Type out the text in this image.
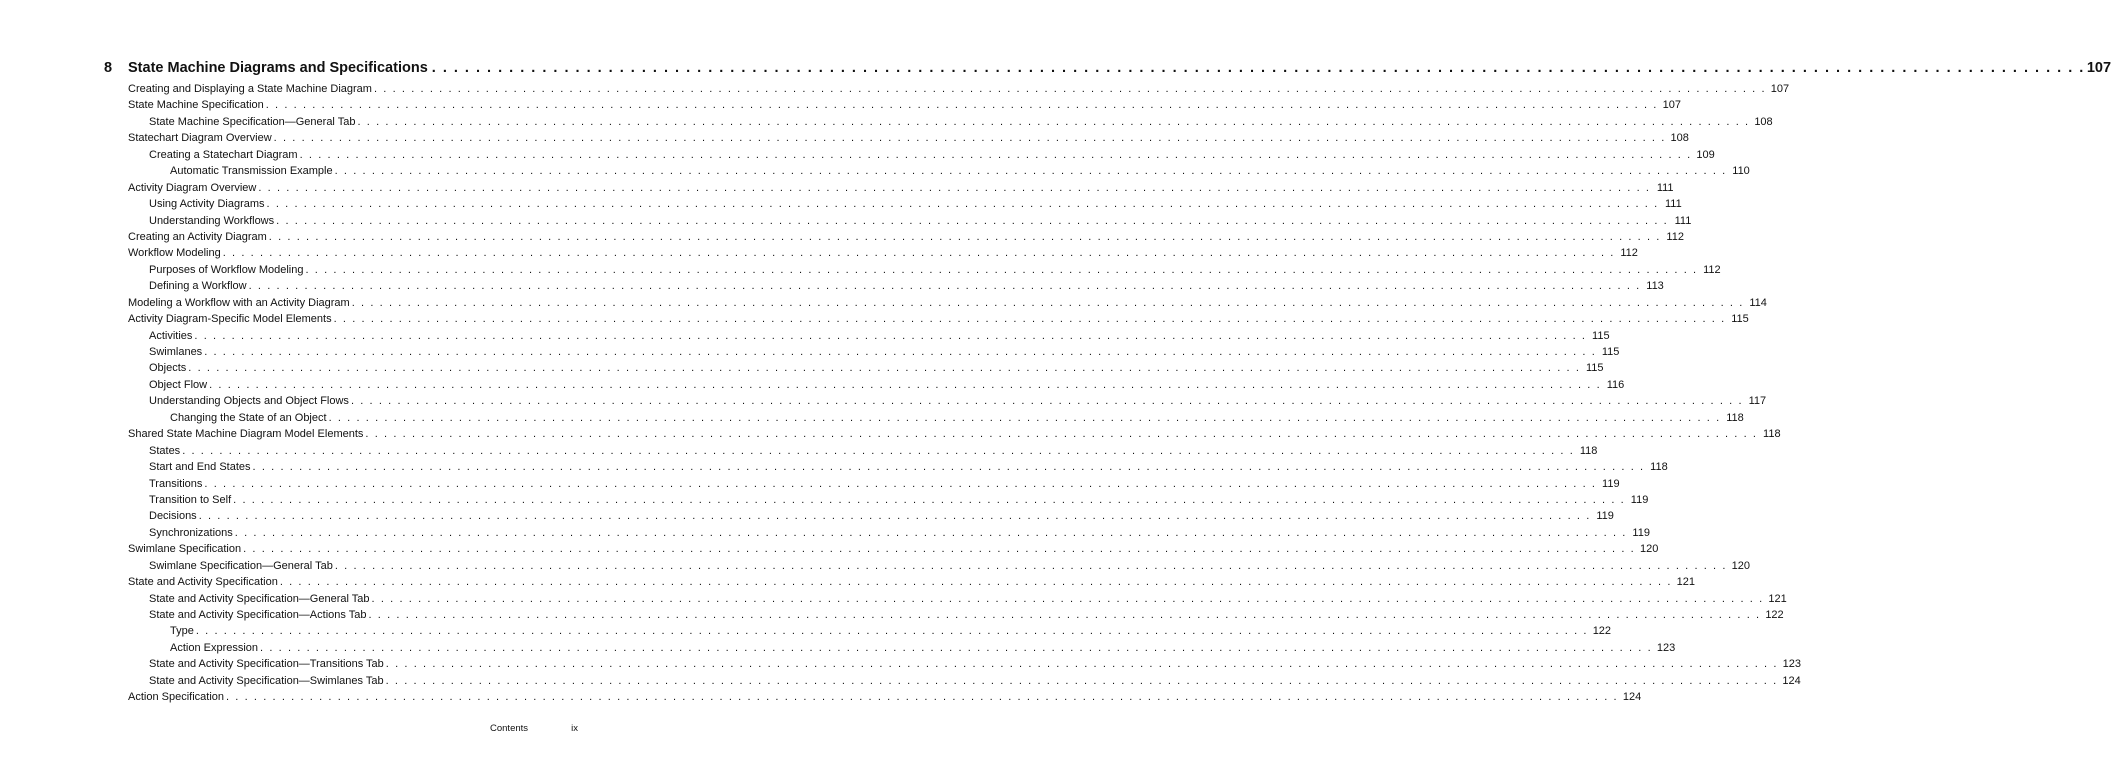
8	State Machine Diagrams and Specifications . . . . . . . . . . . . . . . . . . . . . . . . . . . . . . . . . . . . . . . . . . . . . . . . . . . . . . . . . . . . . . . . . . . . . . . . . . . . . . . . . . . . . . . . . . . . . . . . . . . . . . . . . . . . . . . . . . . . . . . . . . . . . . . . . . . . . . . . . . . . . . . . . . . . . . 107
Creating and Displaying a State Machine Diagram . . . . . . . . . . . . . . . . . . . . . . . . . . . . . . . . . . . . . . . . . . . . . . . . . . . . . . . . . . . . . . . . . . . . . . . . . . . . . . . . . . . . . . . . . . . . . . . . . . . . . . . . . . . . . . . . . . . . . . . . . . . . . . . . . . . . . . . . . . . . . . . . . . . . . . 107
State Machine Specification . . . . . . . . . . . . . . . . . . . . . . . . . . . . . . . . . . . . . . . . . . . . . . . . . . . . . . . . . . . . . . . . . . . . . . . . . . . . . . . . . . . . . . . . . . . . . . . . . . . . . . . . . . . . . . . . . . . . . . . . . . . . . . . . . . . . . . . . . . . . . . . . . . . . . . 107
State Machine Specification—General Tab . . . . . . . . . . . . . . . . . . . . . . . . . . . . . . . . . . . . . . . . . . . . . . . . . . . . . . . . . . . . . . . . . . . . . . . . . . . . . . . . . . . . . . . . . . . . . . . . . . . . . . . . . . . . . . . . . . . . . . . . . . . . . . . . . . . . . . . . . . . . . . . . . . . . . . 108
Statechart Diagram Overview . . . . . . . . . . . . . . . . . . . . . . . . . . . . . . . . . . . . . . . . . . . . . . . . . . . . . . . . . . . . . . . . . . . . . . . . . . . . . . . . . . . . . . . . . . . . . . . . . . . . . . . . . . . . . . . . . . . . . . . . . . . . . . . . . . . . . . . . . . . . . . . . . . . . . . 108
Creating a Statechart Diagram . . . . . . . . . . . . . . . . . . . . . . . . . . . . . . . . . . . . . . . . . . . . . . . . . . . . . . . . . . . . . . . . . . . . . . . . . . . . . . . . . . . . . . . . . . . . . . . . . . . . . . . . . . . . . . . . . . . . . . . . . . . . . . . . . . . . . . . . . . . . . . . . . . . . . . 109
Automatic Transmission Example . . . . . . . . . . . . . . . . . . . . . . . . . . . . . . . . . . . . . . . . . . . . . . . . . . . . . . . . . . . . . . . . . . . . . . . . . . . . . . . . . . . . . . . . . . . . . . . . . . . . . . . . . . . . . . . . . . . . . . . . . . . . . . . . . . . . . . . . . . . . . . . . . . . . . . 110
Activity Diagram Overview . . . . . . . . . . . . . . . . . . . . . . . . . . . . . . . . . . . . . . . . . . . . . . . . . . . . . . . . . . . . . . . . . . . . . . . . . . . . . . . . . . . . . . . . . . . . . . . . . . . . . . . . . . . . . . . . . . . . . . . . . . . . . . . . . . . . . . . . . . . . . . . . . . . . . . 111
Using Activity Diagrams . . . . . . . . . . . . . . . . . . . . . . . . . . . . . . . . . . . . . . . . . . . . . . . . . . . . . . . . . . . . . . . . . . . . . . . . . . . . . . . . . . . . . . . . . . . . . . . . . . . . . . . . . . . . . . . . . . . . . . . . . . . . . . . . . . . . . . . . . . . . . . . . . . . . . . 111
Understanding Workflows . . . . . . . . . . . . . . . . . . . . . . . . . . . . . . . . . . . . . . . . . . . . . . . . . . . . . . . . . . . . . . . . . . . . . . . . . . . . . . . . . . . . . . . . . . . . . . . . . . . . . . . . . . . . . . . . . . . . . . . . . . . . . . . . . . . . . . . . . . . . . . . . . . . . . . 111
Creating an Activity Diagram . . . . . . . . . . . . . . . . . . . . . . . . . . . . . . . . . . . . . . . . . . . . . . . . . . . . . . . . . . . . . . . . . . . . . . . . . . . . . . . . . . . . . . . . . . . . . . . . . . . . . . . . . . . . . . . . . . . . . . . . . . . . . . . . . . . . . . . . . . . . . . . . . . . . . . 112
Workflow Modeling . . . . . . . . . . . . . . . . . . . . . . . . . . . . . . . . . . . . . . . . . . . . . . . . . . . . . . . . . . . . . . . . . . . . . . . . . . . . . . . . . . . . . . . . . . . . . . . . . . . . . . . . . . . . . . . . . . . . . . . . . . . . . . . . . . . . . . . . . . . . . . . . . . . . . . 112
Purposes of Workflow Modeling . . . . . . . . . . . . . . . . . . . . . . . . . . . . . . . . . . . . . . . . . . . . . . . . . . . . . . . . . . . . . . . . . . . . . . . . . . . . . . . . . . . . . . . . . . . . . . . . . . . . . . . . . . . . . . . . . . . . . . . . . . . . . . . . . . . . . . . . . . . . . . . . . . . . . . 112
Defining a Workflow . . . . . . . . . . . . . . . . . . . . . . . . . . . . . . . . . . . . . . . . . . . . . . . . . . . . . . . . . . . . . . . . . . . . . . . . . . . . . . . . . . . . . . . . . . . . . . . . . . . . . . . . . . . . . . . . . . . . . . . . . . . . . . . . . . . . . . . . . . . . . . . . . . . . . . 113
Modeling a Workflow with an Activity Diagram . . . . . . . . . . . . . . . . . . . . . . . . . . . . . . . . . . . . . . . . . . . . . . . . . . . . . . . . . . . . . . . . . . . . . . . . . . . . . . . . . . . . . . . . . . . . . . . . . . . . . . . . . . . . . . . . . . . . . . . . . . . . . . . . . . . . . . . . . . . . . . . . . . . . . . 114
Activity Diagram-Specific Model Elements . . . . . . . . . . . . . . . . . . . . . . . . . . . . . . . . . . . . . . . . . . . . . . . . . . . . . . . . . . . . . . . . . . . . . . . . . . . . . . . . . . . . . . . . . . . . . . . . . . . . . . . . . . . . . . . . . . . . . . . . . . . . . . . . . . . . . . . . . . . . . . . . . . . . . . 115
Activities . . . . . . . . . . . . . . . . . . . . . . . . . . . . . . . . . . . . . . . . . . . . . . . . . . . . . . . . . . . . . . . . . . . . . . . . . . . . . . . . . . . . . . . . . . . . . . . . . . . . . . . . . . . . . . . . . . . . . . . . . . . . . . . . . . . . . . . . . . . . . . . . . . . . . . 115
Swimlanes . . . . . . . . . . . . . . . . . . . . . . . . . . . . . . . . . . . . . . . . . . . . . . . . . . . . . . . . . . . . . . . . . . . . . . . . . . . . . . . . . . . . . . . . . . . . . . . . . . . . . . . . . . . . . . . . . . . . . . . . . . . . . . . . . . . . . . . . . . . . . . . . . . . . . . 115
Objects . . . . . . . . . . . . . . . . . . . . . . . . . . . . . . . . . . . . . . . . . . . . . . . . . . . . . . . . . . . . . . . . . . . . . . . . . . . . . . . . . . . . . . . . . . . . . . . . . . . . . . . . . . . . . . . . . . . . . . . . . . . . . . . . . . . . . . . . . . . . . . . . . . . . . . 115
Object Flow . . . . . . . . . . . . . . . . . . . . . . . . . . . . . . . . . . . . . . . . . . . . . . . . . . . . . . . . . . . . . . . . . . . . . . . . . . . . . . . . . . . . . . . . . . . . . . . . . . . . . . . . . . . . . . . . . . . . . . . . . . . . . . . . . . . . . . . . . . . . . . . . . . . . . . 116
Understanding Objects and Object Flows . . . . . . . . . . . . . . . . . . . . . . . . . . . . . . . . . . . . . . . . . . . . . . . . . . . . . . . . . . . . . . . . . . . . . . . . . . . . . . . . . . . . . . . . . . . . . . . . . . . . . . . . . . . . . . . . . . . . . . . . . . . . . . . . . . . . . . . . . . . . . . . . . . . . . . 117
Changing the State of an Object . . . . . . . . . . . . . . . . . . . . . . . . . . . . . . . . . . . . . . . . . . . . . . . . . . . . . . . . . . . . . . . . . . . . . . . . . . . . . . . . . . . . . . . . . . . . . . . . . . . . . . . . . . . . . . . . . . . . . . . . . . . . . . . . . . . . . . . . . . . . . . . . . . . . . . 118
Shared State Machine Diagram Model Elements . . . . . . . . . . . . . . . . . . . . . . . . . . . . . . . . . . . . . . . . . . . . . . . . . . . . . . . . . . . . . . . . . . . . . . . . . . . . . . . . . . . . . . . . . . . . . . . . . . . . . . . . . . . . . . . . . . . . . . . . . . . . . . . . . . . . . . . . . . . . . . . . . . . . . . 118
States . . . . . . . . . . . . . . . . . . . . . . . . . . . . . . . . . . . . . . . . . . . . . . . . . . . . . . . . . . . . . . . . . . . . . . . . . . . . . . . . . . . . . . . . . . . . . . . . . . . . . . . . . . . . . . . . . . . . . . . . . . . . . . . . . . . . . . . . . . . . . . . . . . . . . . 118
Start and End States . . . . . . . . . . . . . . . . . . . . . . . . . . . . . . . . . . . . . . . . . . . . . . . . . . . . . . . . . . . . . . . . . . . . . . . . . . . . . . . . . . . . . . . . . . . . . . . . . . . . . . . . . . . . . . . . . . . . . . . . . . . . . . . . . . . . . . . . . . . . . . . . . . . . . . 118
Transitions . . . . . . . . . . . . . . . . . . . . . . . . . . . . . . . . . . . . . . . . . . . . . . . . . . . . . . . . . . . . . . . . . . . . . . . . . . . . . . . . . . . . . . . . . . . . . . . . . . . . . . . . . . . . . . . . . . . . . . . . . . . . . . . . . . . . . . . . . . . . . . . . . . . . . . 119
Transition to Self . . . . . . . . . . . . . . . . . . . . . . . . . . . . . . . . . . . . . . . . . . . . . . . . . . . . . . . . . . . . . . . . . . . . . . . . . . . . . . . . . . . . . . . . . . . . . . . . . . . . . . . . . . . . . . . . . . . . . . . . . . . . . . . . . . . . . . . . . . . . . . . . . . . . . . 119
Decisions . . . . . . . . . . . . . . . . . . . . . . . . . . . . . . . . . . . . . . . . . . . . . . . . . . . . . . . . . . . . . . . . . . . . . . . . . . . . . . . . . . . . . . . . . . . . . . . . . . . . . . . . . . . . . . . . . . . . . . . . . . . . . . . . . . . . . . . . . . . . . . . . . . . . . . 119
Synchronizations . . . . . . . . . . . . . . . . . . . . . . . . . . . . . . . . . . . . . . . . . . . . . . . . . . . . . . . . . . . . . . . . . . . . . . . . . . . . . . . . . . . . . . . . . . . . . . . . . . . . . . . . . . . . . . . . . . . . . . . . . . . . . . . . . . . . . . . . . . . . . . . . . . . . . . 119
Swimlane Specification . . . . . . . . . . . . . . . . . . . . . . . . . . . . . . . . . . . . . . . . . . . . . . . . . . . . . . . . . . . . . . . . . . . . . . . . . . . . . . . . . . . . . . . . . . . . . . . . . . . . . . . . . . . . . . . . . . . . . . . . . . . . . . . . . . . . . . . . . . . . . . . . . . . . . . 120
Swimlane Specification—General Tab . . . . . . . . . . . . . . . . . . . . . . . . . . . . . . . . . . . . . . . . . . . . . . . . . . . . . . . . . . . . . . . . . . . . . . . . . . . . . . . . . . . . . . . . . . . . . . . . . . . . . . . . . . . . . . . . . . . . . . . . . . . . . . . . . . . . . . . . . . . . . . . . . . . . . . 120
State and Activity Specification . . . . . . . . . . . . . . . . . . . . . . . . . . . . . . . . . . . . . . . . . . . . . . . . . . . . . . . . . . . . . . . . . . . . . . . . . . . . . . . . . . . . . . . . . . . . . . . . . . . . . . . . . . . . . . . . . . . . . . . . . . . . . . . . . . . . . . . . . . . . . . . . . . . . . . 121
State and Activity Specification—General Tab . . . . . . . . . . . . . . . . . . . . . . . . . . . . . . . . . . . . . . . . . . . . . . . . . . . . . . . . . . . . . . . . . . . . . . . . . . . . . . . . . . . . . . . . . . . . . . . . . . . . . . . . . . . . . . . . . . . . . . . . . . . . . . . . . . . . . . . . . . . . . . . . . . . . . . 121
State and Activity Specification—Actions Tab . . . . . . . . . . . . . . . . . . . . . . . . . . . . . . . . . . . . . . . . . . . . . . . . . . . . . . . . . . . . . . . . . . . . . . . . . . . . . . . . . . . . . . . . . . . . . . . . . . . . . . . . . . . . . . . . . . . . . . . . . . . . . . . . . . . . . . . . . . . . . . . . . . . . . . 122
Type . . . . . . . . . . . . . . . . . . . . . . . . . . . . . . . . . . . . . . . . . . . . . . . . . . . . . . . . . . . . . . . . . . . . . . . . . . . . . . . . . . . . . . . . . . . . . . . . . . . . . . . . . . . . . . . . . . . . . . . . . . . . . . . . . . . . . . . . . . . . . . . . . . . . . . 122
Action Expression . . . . . . . . . . . . . . . . . . . . . . . . . . . . . . . . . . . . . . . . . . . . . . . . . . . . . . . . . . . . . . . . . . . . . . . . . . . . . . . . . . . . . . . . . . . . . . . . . . . . . . . . . . . . . . . . . . . . . . . . . . . . . . . . . . . . . . . . . . . . . . . . . . . . . . 123
State and Activity Specification—Transitions Tab . . . . . . . . . . . . . . . . . . . . . . . . . . . . . . . . . . . . . . . . . . . . . . . . . . . . . . . . . . . . . . . . . . . . . . . . . . . . . . . . . . . . . . . . . . . . . . . . . . . . . . . . . . . . . . . . . . . . . . . . . . . . . . . . . . . . . . . . . . . . . . . . . . . . . . 123
State and Activity Specification—Swimlanes Tab . . . . . . . . . . . . . . . . . . . . . . . . . . . . . . . . . . . . . . . . . . . . . . . . . . . . . . . . . . . . . . . . . . . . . . . . . . . . . . . . . . . . . . . . . . . . . . . . . . . . . . . . . . . . . . . . . . . . . . . . . . . . . . . . . . . . . . . . . . . . . . . . . . . . . . 124
Action Specification . . . . . . . . . . . . . . . . . . . . . . . . . . . . . . . . . . . . . . . . . . . . . . . . . . . . . . . . . . . . . . . . . . . . . . . . . . . . . . . . . . . . . . . . . . . . . . . . . . . . . . . . . . . . . . . . . . . . . . . . . . . . . . . . . . . . . . . . . . . . . . . . . . . . . . 124
Contents	ix
